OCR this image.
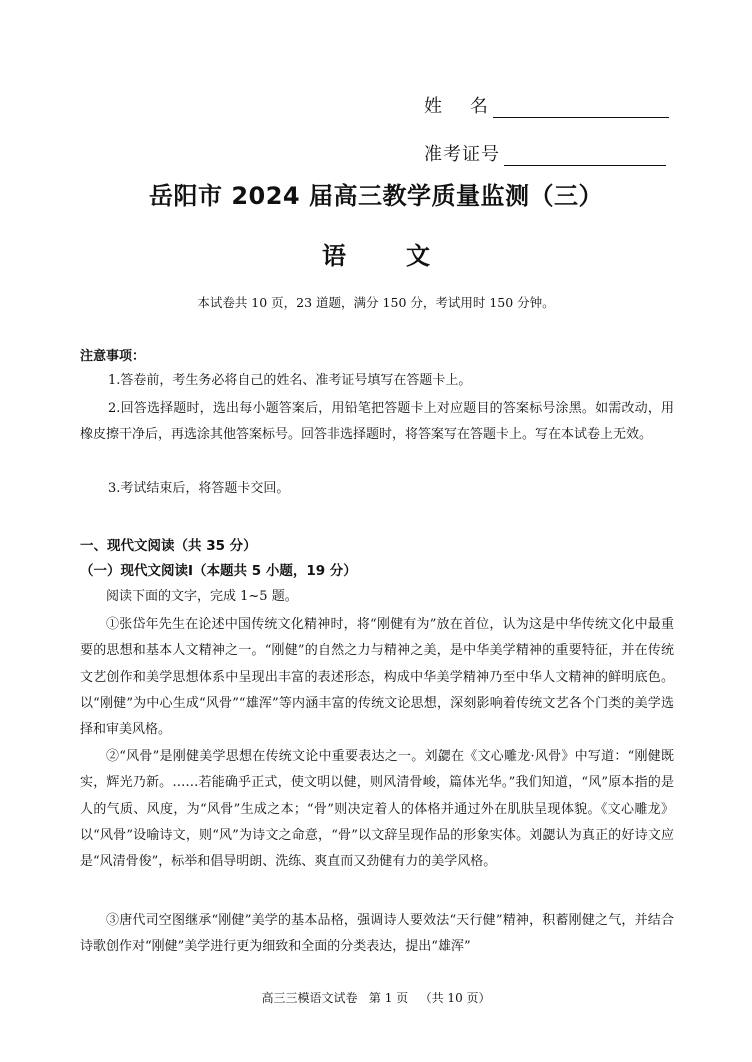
姓    名
准考证号
岳阳市 2024 届高三教学质量监测（三）
语	文
本试卷共 10 页，23 道题，满分 150 分，考试用时 150 分钟。
注意事项：
1.答卷前，考生务必将自己的姓名、准考证号填写在答题卡上。
2.回答选择题时，选出每小题答案后，用铅笔把答题卡上对应题目的答案标号涂黑。如需改动，用橡皮擦干净后，再选涂其他答案标号。回答非选择题时，将答案写在答题卡上。写在本试卷上无效。
3.考试结束后，将答题卡交回。
一、现代文阅读（共 35 分）
（一）现代文阅读Ⅰ（本题共 5 小题，19 分）
阅读下面的文字，完成 1~5 题。
①张岱年先生在论述中国传统文化精神时，将“刚健有为”放在首位，认为这是中华传统文化中最重要的思想和基本人文精神之一。“刚健”的自然之力与精神之美，是中华美学精神的重要特征，并在传统文艺创作和美学思想体系中呈现出丰富的表述形态，构成中华美学精神乃至中华人文精神的鲜明底色。以“刚健”为中心生成“风骨”“雄浑”等内涵丰富的传统文论思想，深刻影响着传统文艺各个门类的美学选择和审美风格。
②“风骨”是刚健美学思想在传统文论中重要表达之一。刘勰在《文心雕龙·风骨》中写道：“刚健既实，辉光乃新。……若能确乎正式，使文明以健，则风清骨峻，篇体光华。”我们知道，“风”原本指的是人的气质、风度，为“风骨”生成之本；“骨”则决定着人的体格并通过外在肌肤呈现体貌。《文心雕龙》以“风骨”设喻诗文，则“风”为诗文之命意，“骨”以文辞呈现作品的形象实体。刘勰认为真正的好诗文应是“风清骨俊”，标举和倡导明朗、洗练、爽直而又劲健有力的美学风格。
③唐代司空图继承“刚健”美学的基本品格，强调诗人要效法“天行健”精神，积蓄刚健之气，并结合诗歌创作对“刚健”美学进行更为细致和全面的分类表达，提出“雄浑”
高三三模语文试卷   第 1 页   （共 10 页）
